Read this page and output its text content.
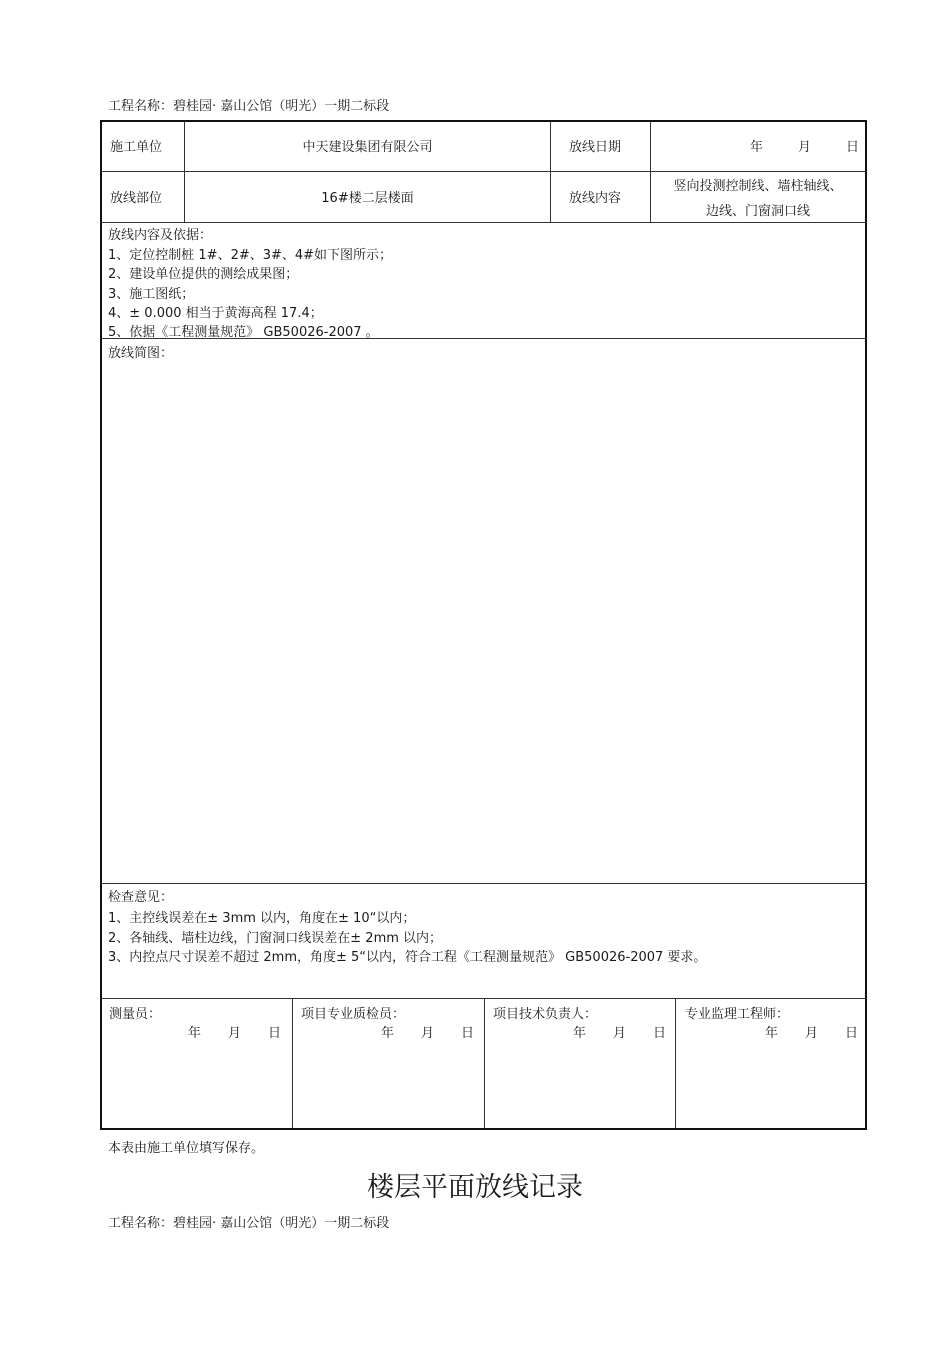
工程名称：碧桂园· 嘉山公馆（明光）一期二标段
施工单位	中天建设集团有限公司	放线日期	年	月	日
放线部位	16#楼二层楼面	放线内容
竖向投测控制线、墙柱轴线、
边线、门窗洞口线
放线内容及依据：
1、定位控制桩 1#、2#、3#、4#如下图所示；
2、建设单位提供的测绘成果图；
3、施工图纸；
4、± 0.000 相当于黄海高程 17.4；
5、依据《工程测量规范》 GB50026-2007 。
放线简图：
检查意见：
1、主控线误差在± 3mm 以内，角度在± 10“以内；
2、各轴线、墙柱边线，门窗洞口线误差在± 2mm 以内；
3、内控点尺寸误差不超过 2mm，角度± 5“以内，符合工程《工程测量规范》 GB50026-2007 要求。
测量员：
年 月 日
项目专业质检员：
年 月 日
项目技术负责人：
年 月 日
专业监理工程师：
年 月 日
本表由施工单位填写保存。
楼层平面放线记录
工程名称：碧桂园· 嘉山公馆（明光）一期二标段
